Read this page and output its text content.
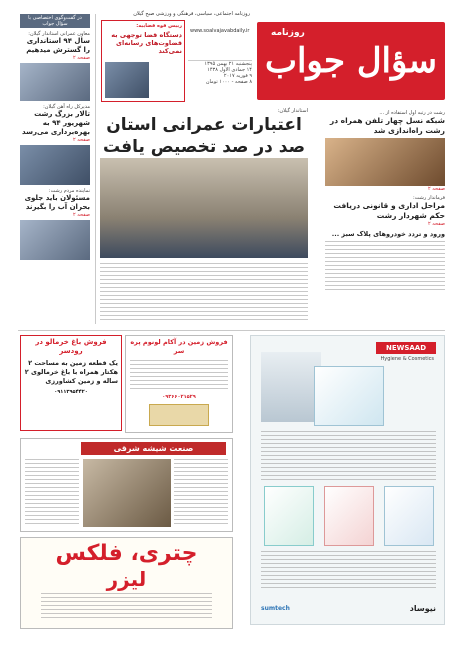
روزنامه
سؤال جواب
www.soalvajavabdaily.ir
پنجشنبه ۲۱ بهمن ۱۳۹۵
۱۴ جمادی الاول ۱۴۳۸
۹ فوریه ۲۰۱۷
۸ صفحه - ۱۰۰۰ تومان
روزنامه اجتماعی، سیاسی، فرهنگی و ورزشی صبح گیلان
رییس قوه قضاییه:
دستگاه قضا توجهی به قضاوت‌های رسانه‌ای نمی‌کند
در گفت‌وگوی اختصاصی با سؤال جواب
معاون عمرانی استاندار گیلان:
سال ۹۴ استانداری را گسترش میدهیم
صفحه ۲
مدیرکل راه آهن گیلان:
تالار بزرگ رشت شهریور ۹۴ به بهره‌برداری می‌رسد
صفحه ۲
نماینده مردم رشت:
مسئولان باید جلوی‌ بحران آب را بگیرند
صفحه ۲
استاندار گیلان:
اعتبارات عمرانی استان
صد در صد تخصیص یافت
رشت در رتبه اول استفاده از ...
شبکه نسل چهار تلفن همراه در رشت راه‌اندازی شد
صفحه ۲
فرماندار رشت:
مراحل اداری و قانونی دریافت حکم شهردار رشت
صفحه ۲
ورود و تردد خودروهای پلاک سبز ...
فروش باغ خرمالو در رودسر
یک قطعه زمین به مساحت ۲ هکتار همراه با باغ خرمالوی ۲ ساله و زمین کشاورزی
۰۹۱۱۳۹۵۴۴۲۰
فروش زمین در آکام لونوم پره سر
۰۹۳۶۶۰۲۱۵۲۹
NEWSAAD
Hygiene & Cosmetics
sumtech	نیوساد
صنعت شیشه شرقی
چتری، فلکس
لیزر
